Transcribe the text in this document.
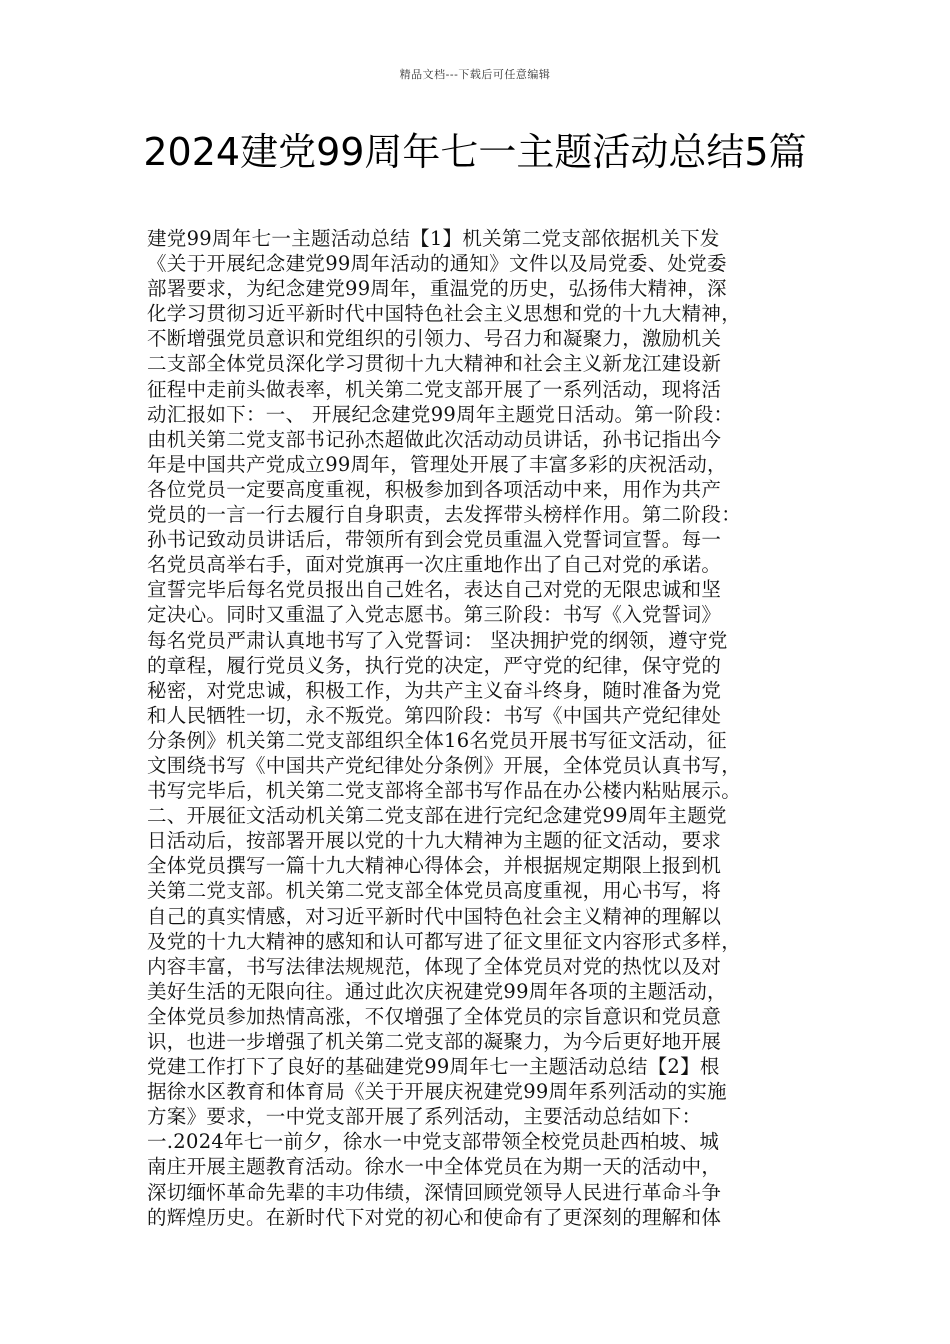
精品文档---下载后可任意编辑
2024建党99周年七一主题活动总结5篇
建党99周年七一主题活动总结【1】机关第二党支部依据机关下发
《关于开展纪念建党99周年活动的通知》文件以及局党委、处党委
部署要求，为纪念建党99周年，重温党的历史，弘扬伟大精神，深
化学习贯彻习近平新时代中国特色社会主义思想和党的十九大精神，
不断增强党员意识和党组织的引领力、号召力和凝聚力，激励机关
二支部全体党员深化学习贯彻十九大精神和社会主义新龙江建设新
征程中走前头做表率，机关第二党支部开展了一系列活动，现将活
动汇报如下：一、 开展纪念建党99周年主题党日活动。第一阶段：
由机关第二党支部书记孙杰超做此次活动动员讲话，孙书记指出今
年是中国共产党成立99周年，管理处开展了丰富多彩的庆祝活动，
各位党员一定要高度重视，积极参加到各项活动中来，用作为共产
党员的一言一行去履行自身职责，去发挥带头榜样作用。第二阶段：
孙书记致动员讲话后，带领所有到会党员重温入党誓词宣誓。每一
名党员高举右手，面对党旗再一次庄重地作出了自己对党的承诺。
宣誓完毕后每名党员报出自己姓名，表达自己对党的无限忠诚和坚
定决心。同时又重温了入党志愿书。第三阶段：书写《入党誓词》
每名党员严肃认真地书写了入党誓词： 坚决拥护党的纲领，遵守党
的章程，履行党员义务，执行党的决定，严守党的纪律，保守党的
秘密，对党忠诚，积极工作，为共产主义奋斗终身，随时准备为党
和人民牺牲一切，永不叛党。第四阶段：书写《中国共产党纪律处
分条例》机关第二党支部组织全体16名党员开展书写征文活动，征
文围绕书写《中国共产党纪律处分条例》开展，全体党员认真书写，
书写完毕后，机关第二党支部将全部书写作品在办公楼内粘贴展示。
二、开展征文活动机关第二党支部在进行完纪念建党99周年主题党
日活动后，按部署开展以党的十九大精神为主题的征文活动，要求
全体党员撰写一篇十九大精神心得体会，并根据规定期限上报到机
关第二党支部。机关第二党支部全体党员高度重视，用心书写，将
自己的真实情感，对习近平新时代中国特色社会主义精神的理解以
及党的十九大精神的感知和认可都写进了征文里征文内容形式多样，
内容丰富，书写法律法规规范，体现了全体党员对党的热忱以及对
美好生活的无限向往。通过此次庆祝建党99周年各项的主题活动，
全体党员参加热情高涨，不仅增强了全体党员的宗旨意识和党员意
识，也进一步增强了机关第二党支部的凝聚力，为今后更好地开展
党建工作打下了良好的基础建党99周年七一主题活动总结【2】根
据徐水区教育和体育局《关于开展庆祝建党99周年系列活动的实施
方案》要求，一中党支部开展了系列活动，主要活动总结如下：
一.2024年七一前夕，徐水一中党支部带领全校党员赴西柏坡、城
南庄开展主题教育活动。徐水一中全体党员在为期一天的活动中，
深切缅怀革命先辈的丰功伟绩，深情回顾党领导人民进行革命斗争
的辉煌历史。在新时代下对党的初心和使命有了更深刻的理解和体
